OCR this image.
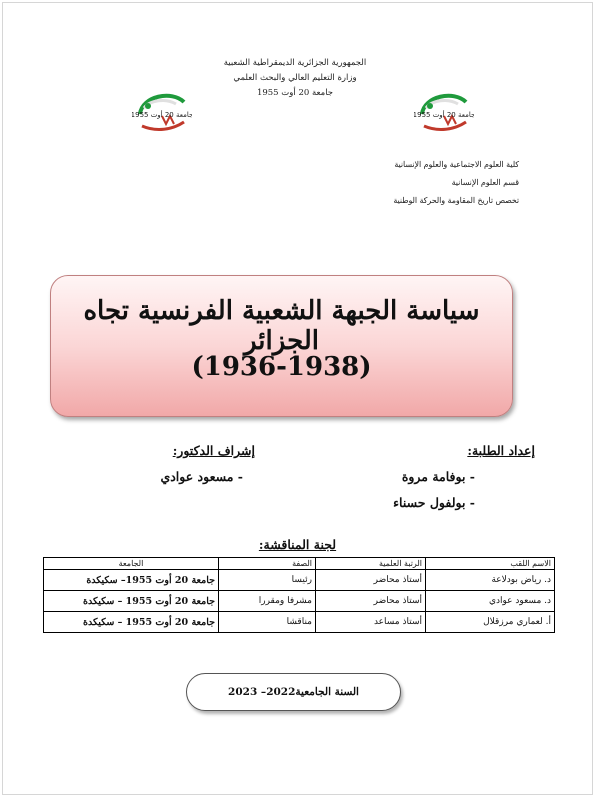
الجمهورية الجزائرية الديمقراطية الشعبية
وزارة التعليم العالي والبحث العلمي
جامعة 20 أوت 1955
جامعة 20 أوت 1955	جامعة 20 أوت 1955
كلية العلوم الاجتماعية والعلوم الإنسانية
قسم العلوم الإنسانية
تخصص تاريخ المقاومة والحركة الوطنية
سياسة الجبهة الشعبية الفرنسية تجاه الجزائر
(1936-1938)
إعداد الطلبة:
- بوفامة مروة
- بولفول حسناء
إشراف الدكتور:
- مسعود عوادي
لجنة المناقشة:
الاسم اللقب	الرتبة العلمية	الصفة	الجامعة
د. رياض بودلاعة	أستاذ محاضر	رئيسا	جامعة 20 أوت 1955– سكيكدة
د. مسعود عوادي	أستاذ محاضر	مشرفا ومقررا	جامعة 20 أوت 1955 – سكيكدة
أ. لعماري مرزقلال	أستاذ مساعد	مناقشا	جامعة 20 أوت 1955 – سكيكدة
السنة الجامعية2022– 2023
